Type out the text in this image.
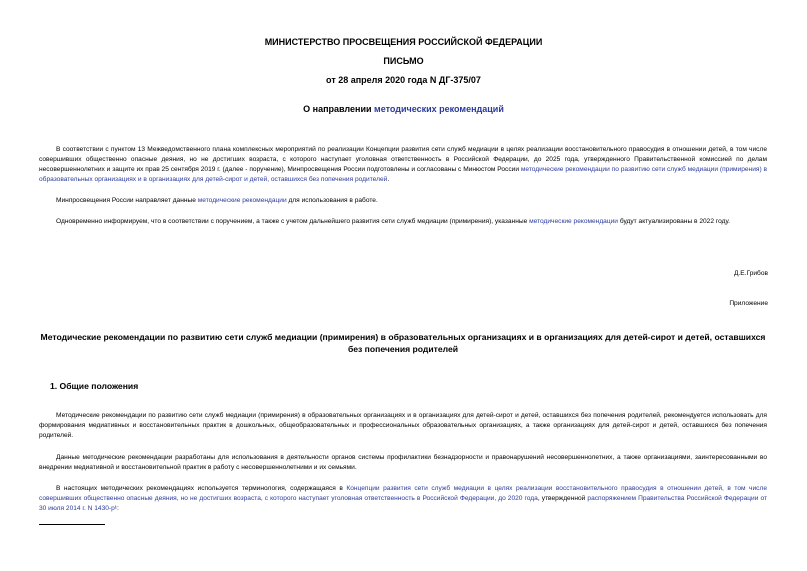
МИНИСТЕРСТВО ПРОСВЕЩЕНИЯ РОССИЙСКОЙ ФЕДЕРАЦИИ
ПИСЬМО
от 28 апреля 2020 года N ДГ-375/07
О направлении методических рекомендаций
В соответствии с пунктом 13 Межведомственного плана комплексных мероприятий по реализации Концепции развития сети служб медиации в целях реализации восстановительного правосудия в отношении детей, в том числе совершивших общественно опасные деяния, но не достигших возраста, с которого наступает уголовная ответственность в Российской Федерации, до 2025 года, утвержденного Правительственной комиссией по делам несовершеннолетних и защите их прав 25 сентября 2019 г. (далее - поручение), Минпросвещения России подготовлены и согласованы с Минюстом России методические рекомендации по развитию сети служб медиации (примирения) в образовательных организациях и в организациях для детей-сирот и детей, оставшихся без попечения родителей.
Минпросвещения России направляет данные методические рекомендации для использования в работе.
Одновременно информируем, что в соответствии с поручением, а также с учетом дальнейшего развития сети служб медиации (примирения), указанные методические рекомендации будут актуализированы в 2022 году.
Д.Е.Грибов
Приложение
Методические рекомендации по развитию сети служб медиации (примирения) в образовательных организациях и в организациях для детей-сирот и детей, оставшихся без попечения родителей
1. Общие положения
Методические рекомендации по развитию сети служб медиации (примирения) в образовательных организациях и в организациях для детей-сирот и детей, оставшихся без попечения родителей, рекомендуется использовать для формирования медиативных и восстановительных практик в дошкольных, общеобразовательных и профессиональных образовательных организациях, а также организациях для детей-сирот и детей, оставшихся без попечения родителей.
Данные методические рекомендации разработаны для использования в деятельности органов системы профилактики безнадзорности и правонарушений несовершеннолетних, а также организациями, заинтересованными во внедрении медиативной и восстановительной практик в работу с несовершеннолетними и их семьями.
В настоящих методических рекомендациях используется терминология, содержащаяся в Концепции развития сети служб медиации в целях реализации восстановительного правосудия в отношении детей, в том числе совершивших общественно опасные деяния, но не достигших возраста, с которого наступает уголовная ответственность в Российской Федерации, до 2020 года, утвержденной распоряжением Правительства Российской Федерации от 30 июля 2014 г. N 1430-р¹:
